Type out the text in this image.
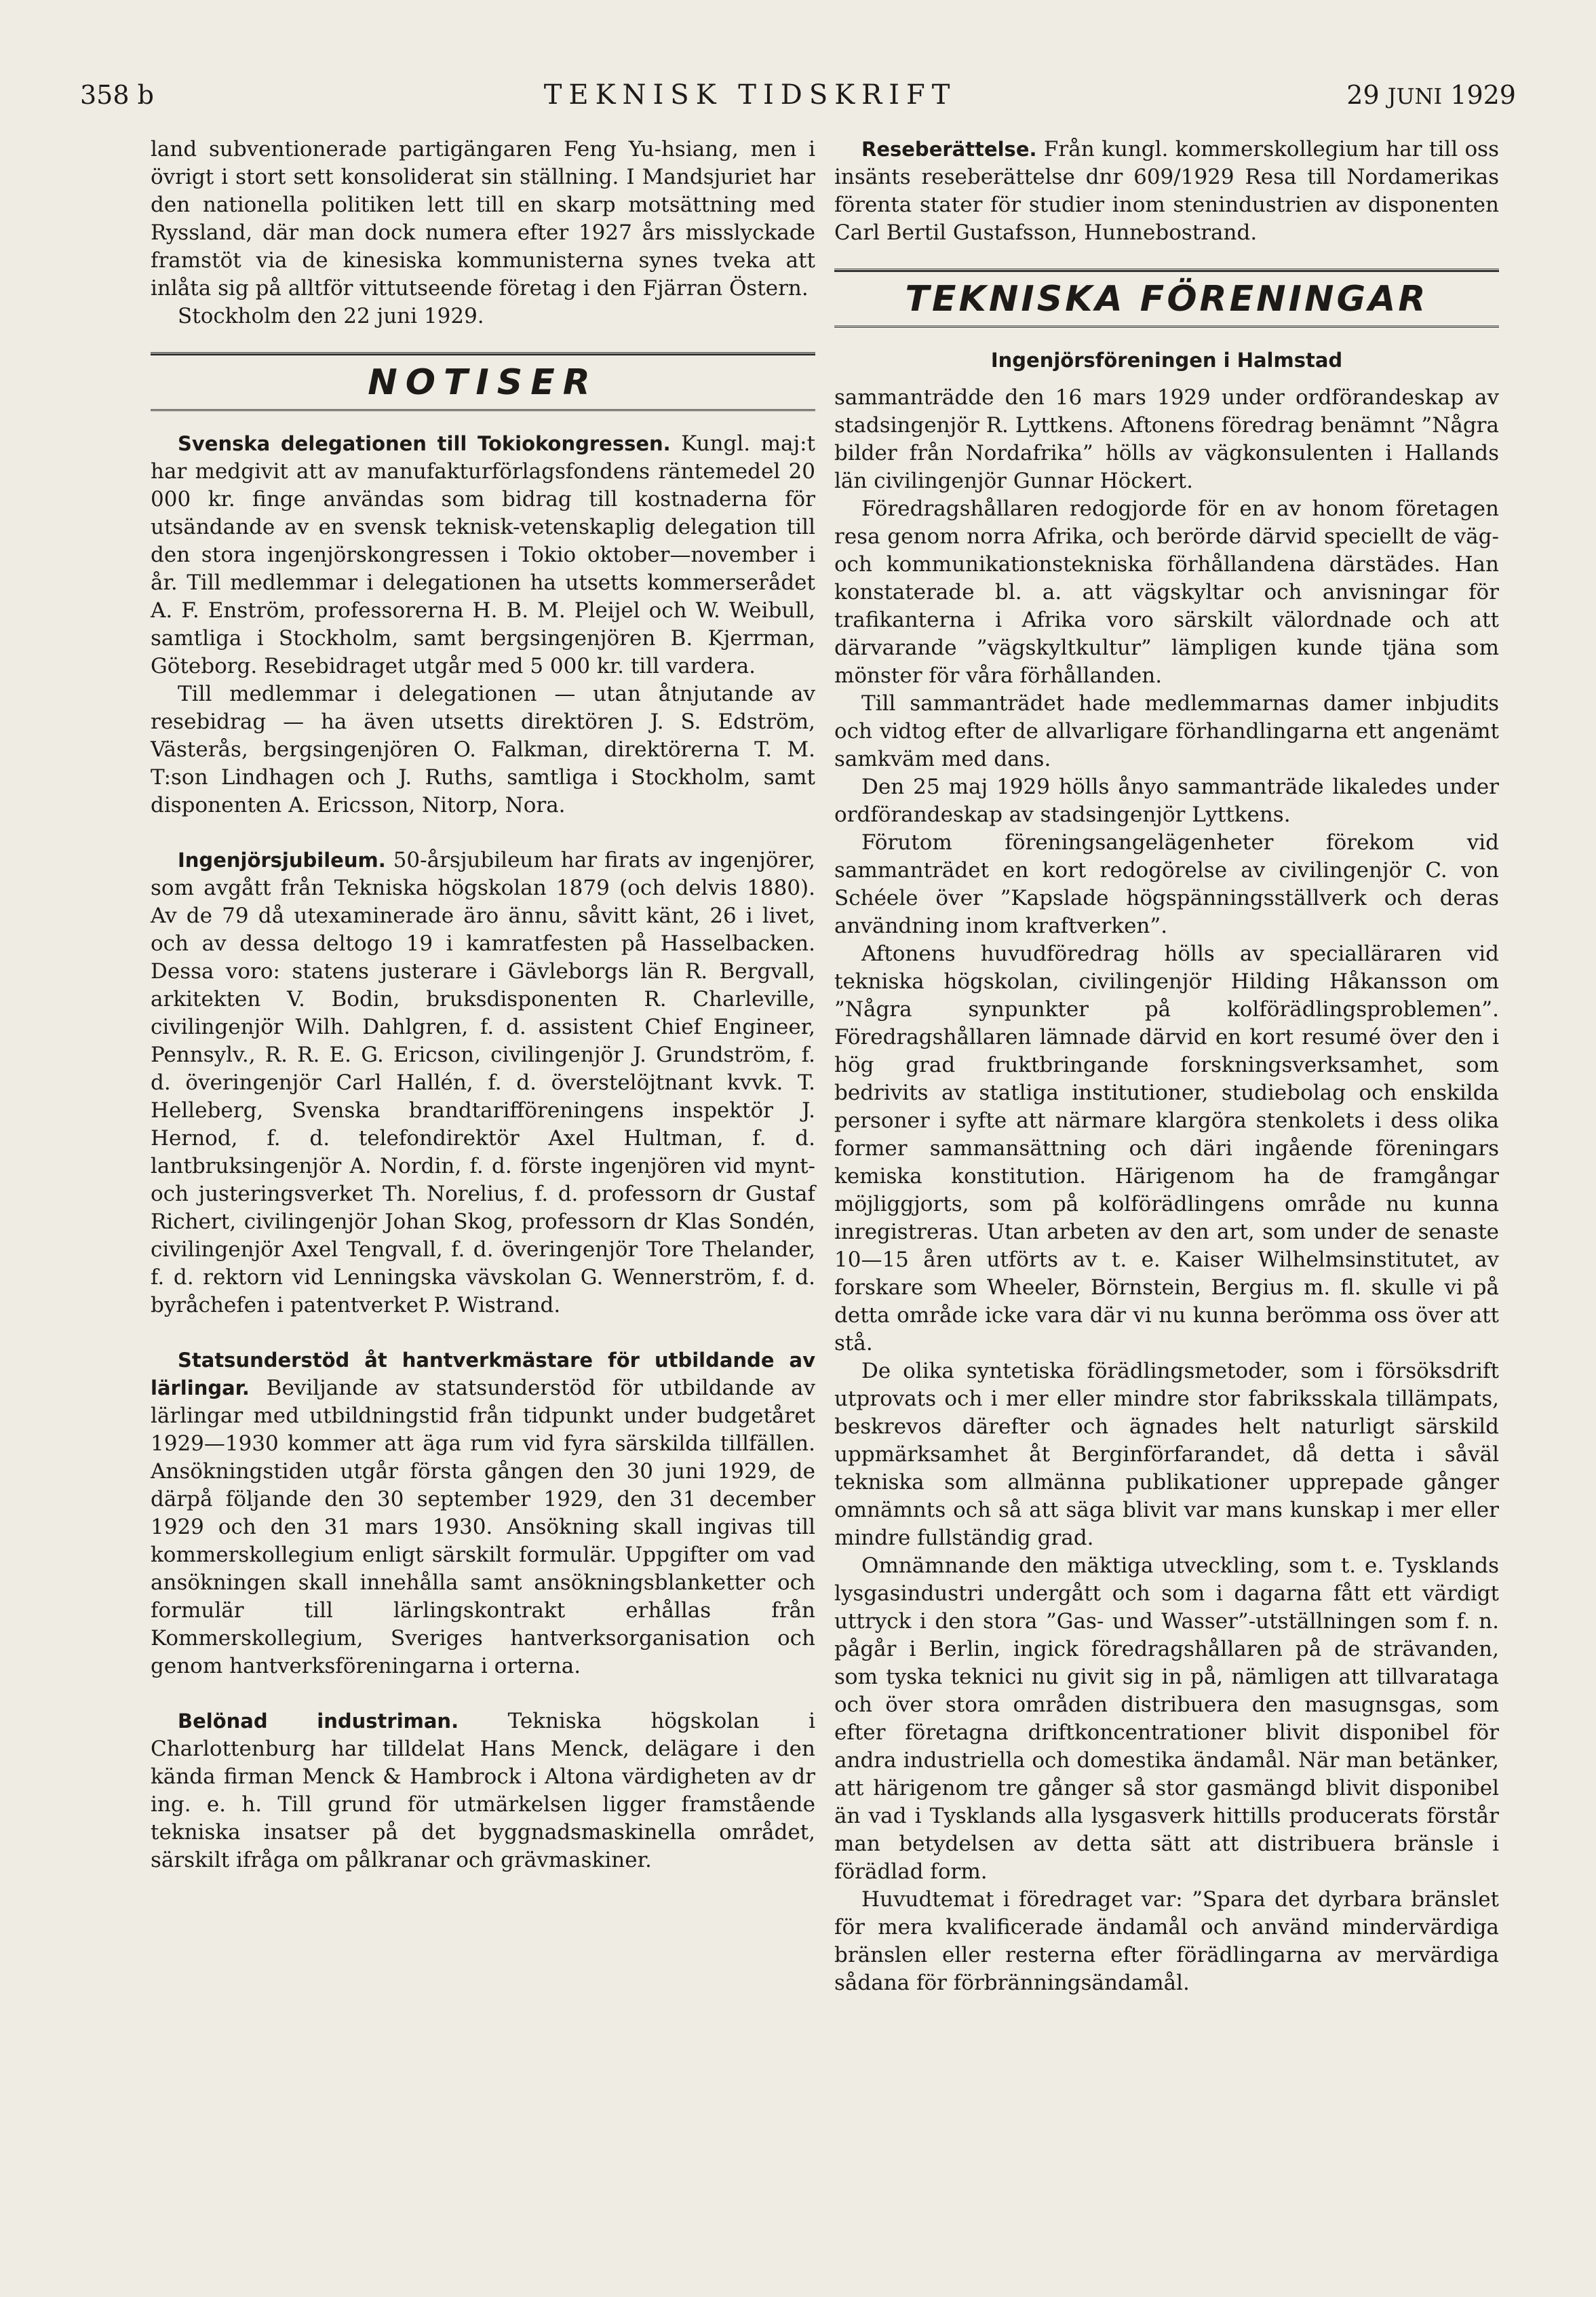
358 b	TEKNISK TIDSKRIFT	29 JUNI 1929

land subventionerade partigängaren Feng Yu-hsiang, men i övrigt i stort sett konsoliderat sin ställning. I Mandsjuriet har den nationella politiken lett till en skarp motsättning med Ryssland, där man dock numera efter 1927 års misslyckade framstöt via de kinesiska kommunisterna synes tveka att inlåta sig på alltför vittutseende företag i den Fjärran Östern.

Stockholm den 22 juni 1929.

NOTISER

Svenska delegationen till Tokiokongressen. Kungl. maj:t har medgivit att av manufakturförlagsfondens räntemedel 20 000 kr. finge användas som bidrag till kostnaderna för utsändande av en svensk teknisk-vetenskaplig delegation till den stora ingenjörskongressen i Tokio oktober—november i år. Till medlemmar i delegationen ha utsetts kommerserådet A. F. Enström, professorerna H. B. M. Pleijel och W. Weibull, samtliga i Stockholm, samt bergsingenjören B. Kjerrman, Göteborg. Resebidraget utgår med 5 000 kr. till vardera.

Till medlemmar i delegationen — utan åtnjutande av resebidrag — ha även utsetts direktören J. S. Edström, Västerås, bergsingenjören O. Falkman, direktörerna T. M. T:son Lindhagen och J. Ruths, samtliga i Stockholm, samt disponenten A. Ericsson, Nitorp, Nora.

Ingenjörsjubileum. 50-årsjubileum har firats av ingenjörer, som avgått från Tekniska högskolan 1879 (och delvis 1880). Av de 79 då utexaminerade äro ännu, såvitt känt, 26 i livet, och av dessa deltogo 19 i kamratfesten på Hasselbacken. Dessa voro: statens justerare i Gävleborgs län R. Bergvall, arkitekten V. Bodin, bruksdisponenten R. Charleville, civilingenjör Wilh. Dahlgren, f. d. assistent Chief Engineer, Pennsylv., R. R. E. G. Ericson, civilingenjör J. Grundström, f. d. överingenjör Carl Hallén, f. d. överstelöjtnant kvvk. T. Helleberg, Svenska brandtarifföreningens inspektör J. Hernod, f. d. telefondirektör Axel Hultman, f. d. lantbruksingenjör A. Nordin, f. d. förste ingenjören vid mynt- och justeringsverket Th. Norelius, f. d. professorn dr Gustaf Richert, civilingenjör Johan Skog, professorn dr Klas Sondén, civilingenjör Axel Tengvall, f. d. överingenjör Tore Thelander, f. d. rektorn vid Lenningska vävskolan G. Wennerström, f. d. byråchefen i patentverket P. Wistrand.

Statsunderstöd åt hantverkmästare för utbildande av lärlingar. Beviljande av statsunderstöd för utbildande av lärlingar med utbildningstid från tidpunkt under budgetåret 1929—1930 kommer att äga rum vid fyra särskilda tillfällen. Ansökningstiden utgår första gången den 30 juni 1929, de därpå följande den 30 september 1929, den 31 december 1929 och den 31 mars 1930. Ansökning skall ingivas till kommerskollegium enligt särskilt formulär. Uppgifter om vad ansökningen skall innehålla samt ansökningsblanketter och formulär till lärlingskontrakt erhållas från Kommerskollegium, Sveriges hantverksorganisation och genom hantverksföreningarna i orterna.

Belönad industriman. Tekniska högskolan i Charlottenburg har tilldelat Hans Menck, delägare i den kända firman Menck & Hambrock i Altona värdigheten av dr ing. e. h. Till grund för utmärkelsen ligger framstående tekniska insatser på det byggnadsmaskinella området, särskilt ifråga om pålkranar och grävmaskiner.

Reseberättelse. Från kungl. kommerskollegium har till oss insänts reseberättelse dnr 609/1929 Resa till Nordamerikas förenta stater för studier inom stenindustrien av disponenten Carl Bertil Gustafsson, Hunnebostrand.

TEKNISKA FÖRENINGAR
Ingenjörsföreningen i Halmstad

sammanträdde den 16 mars 1929 under ordförandeskap av stadsingenjör R. Lyttkens. Aftonens föredrag benämnt ”Några bilder från Nordafrika” hölls av vägkonsulenten i Hallands län civilingenjör Gunnar Höckert.

Föredragshållaren redogjorde för en av honom företagen resa genom norra Afrika, och berörde därvid speciellt de väg- och kommunikationstekniska förhållandena därstädes. Han konstaterade bl. a. att vägskyltar och anvisningar för trafikanterna i Afrika voro särskilt välordnade och att därvarande ”vägskyltkultur” lämpligen kunde tjäna som mönster för våra förhållanden.

Till sammanträdet hade medlemmarnas damer inbjudits och vidtog efter de allvarligare förhandlingarna ett angenämt samkväm med dans.

Den 25 maj 1929 hölls ånyo sammanträde likaledes under ordförandeskap av stadsingenjör Lyttkens.

Förutom föreningsangelägenheter förekom vid sammanträdet en kort redogörelse av civilingenjör C. von Schéele över ”Kapslade högspänningsställverk och deras användning inom kraftverken”.

Aftonens huvudföredrag hölls av specialläraren vid tekniska högskolan, civilingenjör Hilding Håkansson om ”Några synpunkter på kolförädlingsproblemen”. Föredragshållaren lämnade därvid en kort resumé över den i hög grad fruktbringande forskningsverksamhet, som bedrivits av statliga institutioner, studiebolag och enskilda personer i syfte att närmare klargöra stenkolets i dess olika former sammansättning och däri ingående föreningars kemiska konstitution. Härigenom ha de framgångar möjliggjorts, som på kolförädlingens område nu kunna inregistreras. Utan arbeten av den art, som under de senaste 10—15 åren utförts av t. e. Kaiser Wilhelmsinstitutet, av forskare som Wheeler, Börnstein, Bergius m. fl. skulle vi på detta område icke vara där vi nu kunna berömma oss över att stå.

De olika syntetiska förädlingsmetoder, som i försöksdrift utprovats och i mer eller mindre stor fabriksskala tillämpats, beskrevos därefter och ägnades helt naturligt särskild uppmärksamhet åt Berginförfarandet, då detta i såväl tekniska som allmänna publikationer upprepade gånger omnämnts och så att säga blivit var mans kunskap i mer eller mindre fullständig grad.

Omnämnande den mäktiga utveckling, som t. e. Tysklands lysgasindustri undergått och som i dagarna fått ett värdigt uttryck i den stora ”Gas- und Wasser”-utställningen som f. n. pågår i Berlin, ingick föredragshållaren på de strävanden, som tyska teknici nu givit sig in på, nämligen att tillvaratagа och över stora områden distribuera den masugnsgas, som efter företagna driftkoncentrationer blivit disponibel för andra industriella och domestika ändamål. När man betänker, att härigenom tre gånger så stor gasmängd blivit disponibel än vad i Tysklands alla lysgasverk hittills producerats förstår man betydelsen av detta sätt att distribuera bränsle i förädlad form.

Huvudtemat i föredraget var: ”Spara det dyrbara bränslet för mera kvalificerade ändamål och använd mindervärdiga bränslen eller resterna efter förädlingarna av mervärdiga sådana för förbränningsändamål.
